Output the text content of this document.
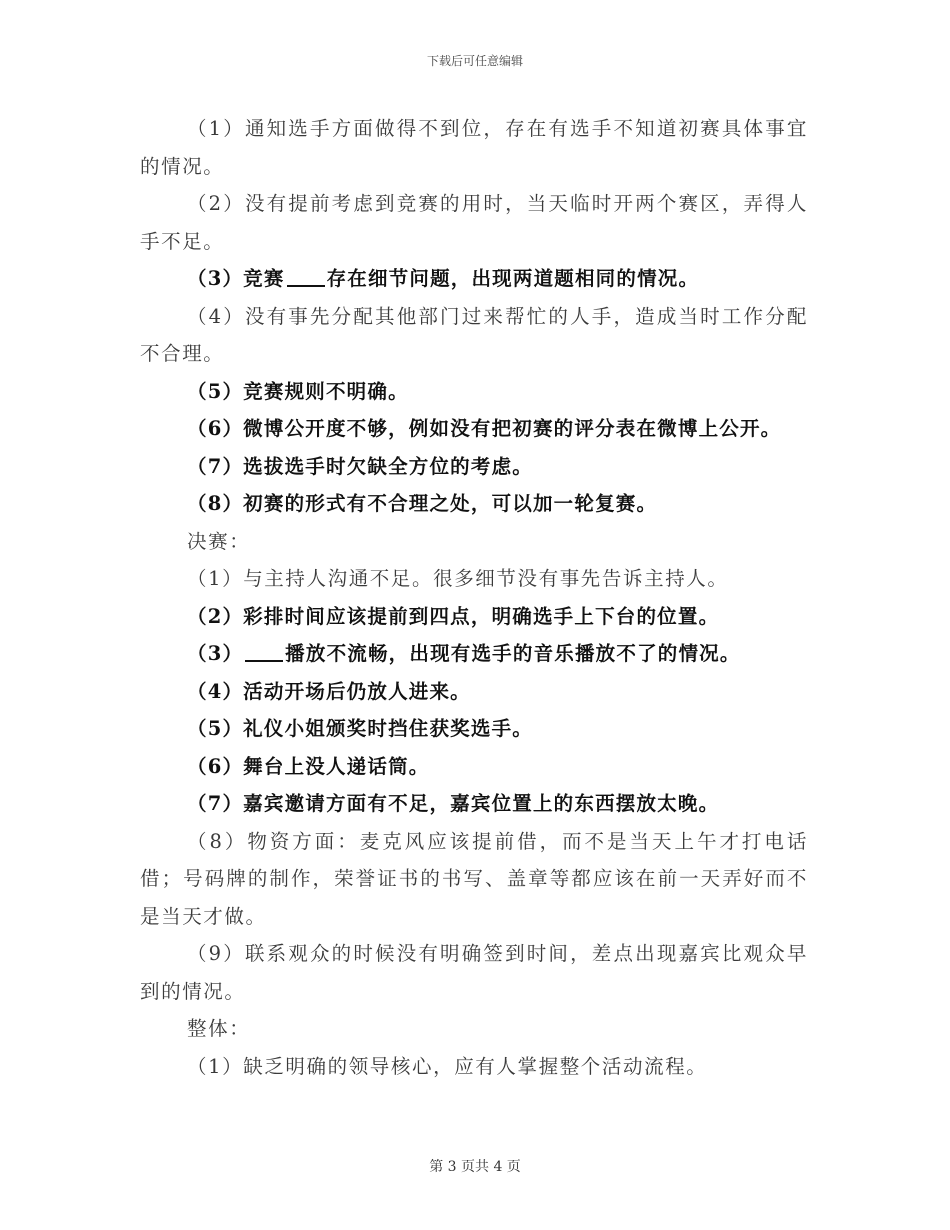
下载后可任意编辑

（1）通知选手方面做得不到位，存在有选手不知道初赛具体事宜的情况。

（2）没有提前考虑到竞赛的用时，当天临时开两个赛区，弄得人手不足。

（3）竞赛 存在细节问题，出现两道题相同的情况。

（4）没有事先分配其他部门过来帮忙的人手，造成当时工作分配不合理。

（5）竞赛规则不明确。

（6）微博公开度不够，例如没有把初赛的评分表在微博上公开。

（7）选拔选手时欠缺全方位的考虑。

（8）初赛的形式有不合理之处，可以加一轮复赛。

决赛：

（1）与主持人沟通不足。很多细节没有事先告诉主持人。

（2）彩排时间应该提前到四点，明确选手上下台的位置。

（3） 播放不流畅，出现有选手的音乐播放不了的情况。

（4）活动开场后仍放人进来。

（5）礼仪小姐颁奖时挡住获奖选手。

（6）舞台上没人递话筒。

（7）嘉宾邀请方面有不足，嘉宾位置上的东西摆放太晚。

（8）物资方面：麦克风应该提前借，而不是当天上午才打电话借；号码牌的制作，荣誉证书的书写、盖章等都应该在前一天弄好而不是当天才做。

（9）联系观众的时候没有明确签到时间，差点出现嘉宾比观众早到的情况。

整体：

（1）缺乏明确的领导核心，应有人掌握整个活动流程。

第 3 页共 4 页
